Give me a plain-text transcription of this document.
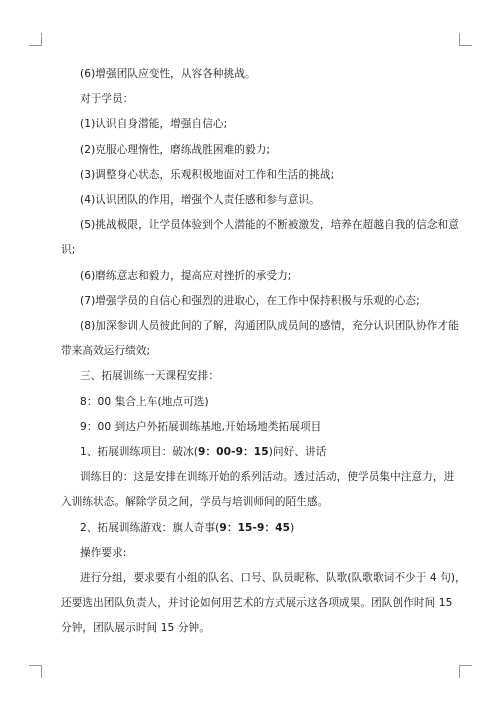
(6)增强团队应变性，从容各种挑战。
对于学员：
(1)认识自身潜能，增强自信心;
(2)克服心理惰性，磨练战胜困难的毅力;
(3)调整身心状态，乐观积极地面对工作和生活的挑战;
(4)认识团队的作用，增强个人责任感和参与意识。
(5)挑战极限，让学员体验到个人潜能的不断被激发，培养在超越自我的信念和意
识;
(6)磨练意志和毅力，提高应对挫折的承受力;
(7)增强学员的自信心和强烈的进取心，在工作中保持积极与乐观的心态;
(8)加深参训人员彼此间的了解，沟通团队成员间的感情，充分认识团队协作才能
带来高效运行绩效;
三、拓展训练一天课程安排：
8：00 集合上车(地点可选)
9：00 到达户外拓展训练基地,开始场地类拓展项目
1、拓展训练项目：破冰(9：00-9：15)问好、讲话
训练目的：这是安排在训练开始的系列活动。透过活动，使学员集中注意力，进
入训练状态。解除学员之间，学员与培训师间的陌生感。
2、拓展训练游戏：旗人奇事(9：15-9：45)
操作要求:
进行分组，要求要有小组的队名、口号、队员昵称、队歌(队歌歌词不少于 4 句)，
还要选出团队负责人，并讨论如何用艺术的方式展示这各项成果。团队创作时间 15
分钟，团队展示时间 15 分钟。
